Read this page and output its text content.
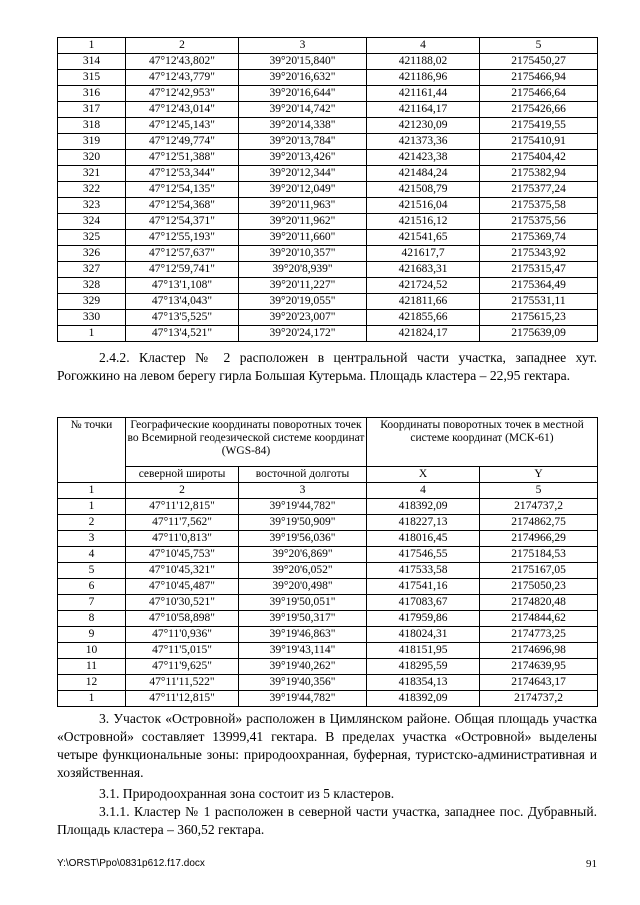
1	2	3	4	5
314	47°12'43,802"	39°20'15,840"	421188,02	2175450,27
315	47°12'43,779"	39°20'16,632"	421186,96	2175466,94
316	47°12'42,953"	39°20'16,644"	421161,44	2175466,64
317	47°12'43,014"	39°20'14,742"	421164,17	2175426,66
318	47°12'45,143"	39°20'14,338"	421230,09	2175419,55
319	47°12'49,774"	39°20'13,784"	421373,36	2175410,91
320	47°12'51,388"	39°20'13,426"	421423,38	2175404,42
321	47°12'53,344"	39°20'12,344"	421484,24	2175382,94
322	47°12'54,135"	39°20'12,049"	421508,79	2175377,24
323	47°12'54,368"	39°20'11,963"	421516,04	2175375,58
324	47°12'54,371"	39°20'11,962"	421516,12	2175375,56
325	47°12'55,193"	39°20'11,660"	421541,65	2175369,74
326	47°12'57,637"	39°20'10,357"	421617,7	2175343,92
327	47°12'59,741"	39°20'8,939"	421683,31	2175315,47
328	47°13'1,108"	39°20'11,227"	421724,52	2175364,49
329	47°13'4,043"	39°20'19,055"	421811,66	2175531,11
330	47°13'5,525"	39°20'23,007"	421855,66	2175615,23
1	47°13'4,521"	39°20'24,172"	421824,17	2175639,09

2.4.2. Кластер № 2 расположен в центральной части участка, западнее хут. Рогожкино на левом берегу гирла Большая Кутерьма. Площадь кластера – 22,95 гектара.

№ точки	Географические координаты поворотных точек во Всемирной геодезической системе координат (WGS-84)		Координаты поворотных точек в местной системе координат (МСК-61)	
	северной широты	восточной долготы	X	Y
1	2	3	4	5
1	47°11'12,815"	39°19'44,782"	418392,09	2174737,2
2	47°11'7,562"	39°19'50,909"	418227,13	2174862,75
3	47°11'0,813"	39°19'56,036"	418016,45	2174966,29
4	47°10'45,753"	39°20'6,869"	417546,55	2175184,53
5	47°10'45,321"	39°20'6,052"	417533,58	2175167,05
6	47°10'45,487"	39°20'0,498"	417541,16	2175050,23
7	47°10'30,521"	39°19'50,051"	417083,67	2174820,48
8	47°10'58,898"	39°19'50,317"	417959,86	2174844,62
9	47°11'0,936"	39°19'46,863"	418024,31	2174773,25
10	47°11'5,015"	39°19'43,114"	418151,95	2174696,98
11	47°11'9,625"	39°19'40,262"	418295,59	2174639,95
12	47°11'11,522"	39°19'40,356"	418354,13	2174643,17
1	47°11'12,815"	39°19'44,782"	418392,09	2174737,2

3. Участок «Островной» расположен в Цимлянском районе. Общая площадь участка «Островной» составляет 13999,41 гектара. В пределах участка «Островной» выделены четыре функциональные зоны: природоохранная, буферная, туристско-административная и хозяйственная.

3.1. Природоохранная зона состоит из 5 кластеров.

3.1.1. Кластер № 1 расположен в северной части участка, западнее пос. Дубравный. Площадь кластера – 360,52 гектара.

Y:\ORST\Ppo\0831p612.f17.docx	91
